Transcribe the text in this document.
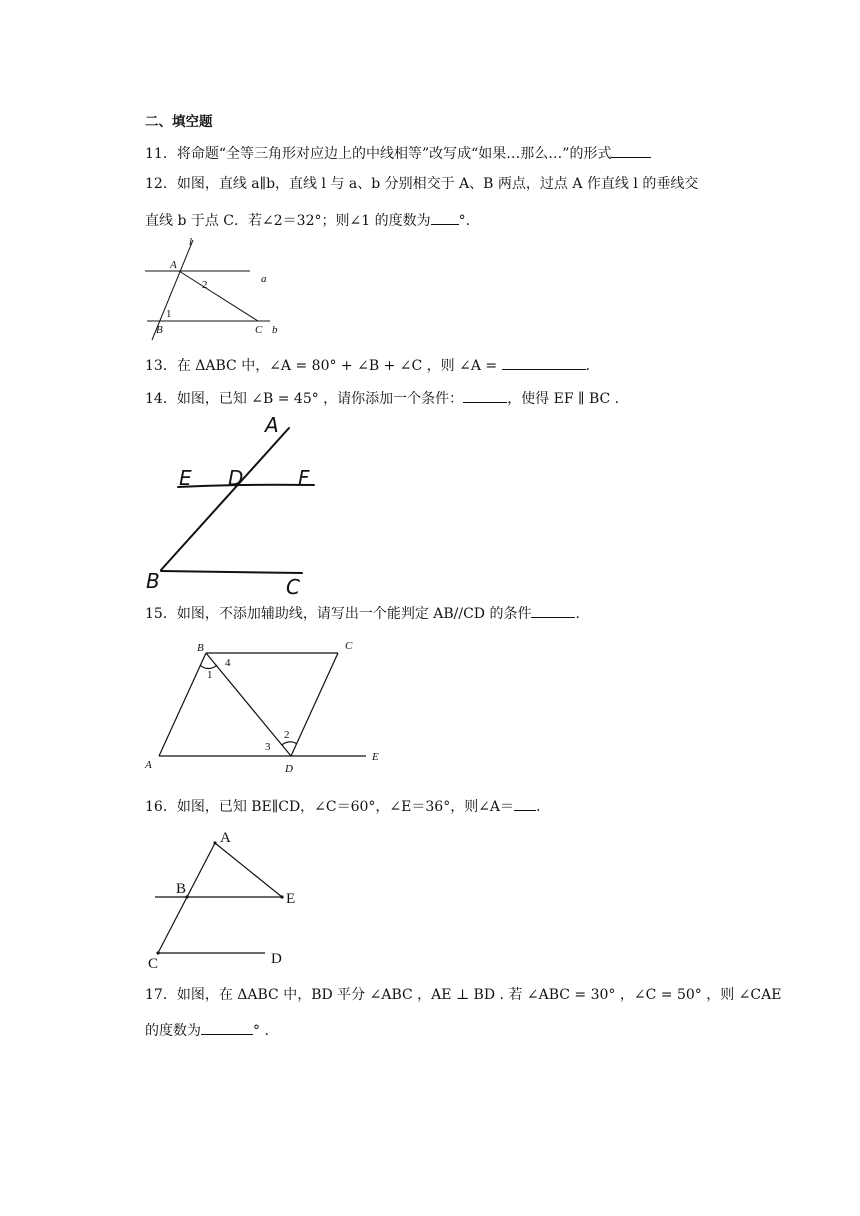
二、填空题
11．将命题“全等三角形对应边上的中线相等”改写成“如果…那么…”的形式
12．如图，直线 a∥b，直线 l 与 a、b 分别相交于 A、B 两点，过点 A 作直线 l 的垂线交
直线 b 于点 C．若∠2＝32°；则∠1 的度数为 °.
l
A
a
2
1
B	C b
A
E D	F
B	C
B	C
4
1
2
3
A	D
E
A
B
E
C	D
13．在 ΔABC 中，∠A = 80° + ∠B + ∠C ，则 ∠A =	.
14．如图，已知 ∠B = 45° ，请你添加一个条件：	，使得 EF ∥ BC .
15．如图，不添加辅助线，请写出一个能判定 AB//CD 的条件	.
16．如图，已知 BE∥CD，∠C＝60°，∠E＝36°，则∠A＝ .
17．如图，在 ΔABC 中，BD 平分 ∠ABC ，AE ⊥ BD . 若 ∠ABC = 30° ，∠C = 50° ，则 ∠CAE
的度数为	° .
